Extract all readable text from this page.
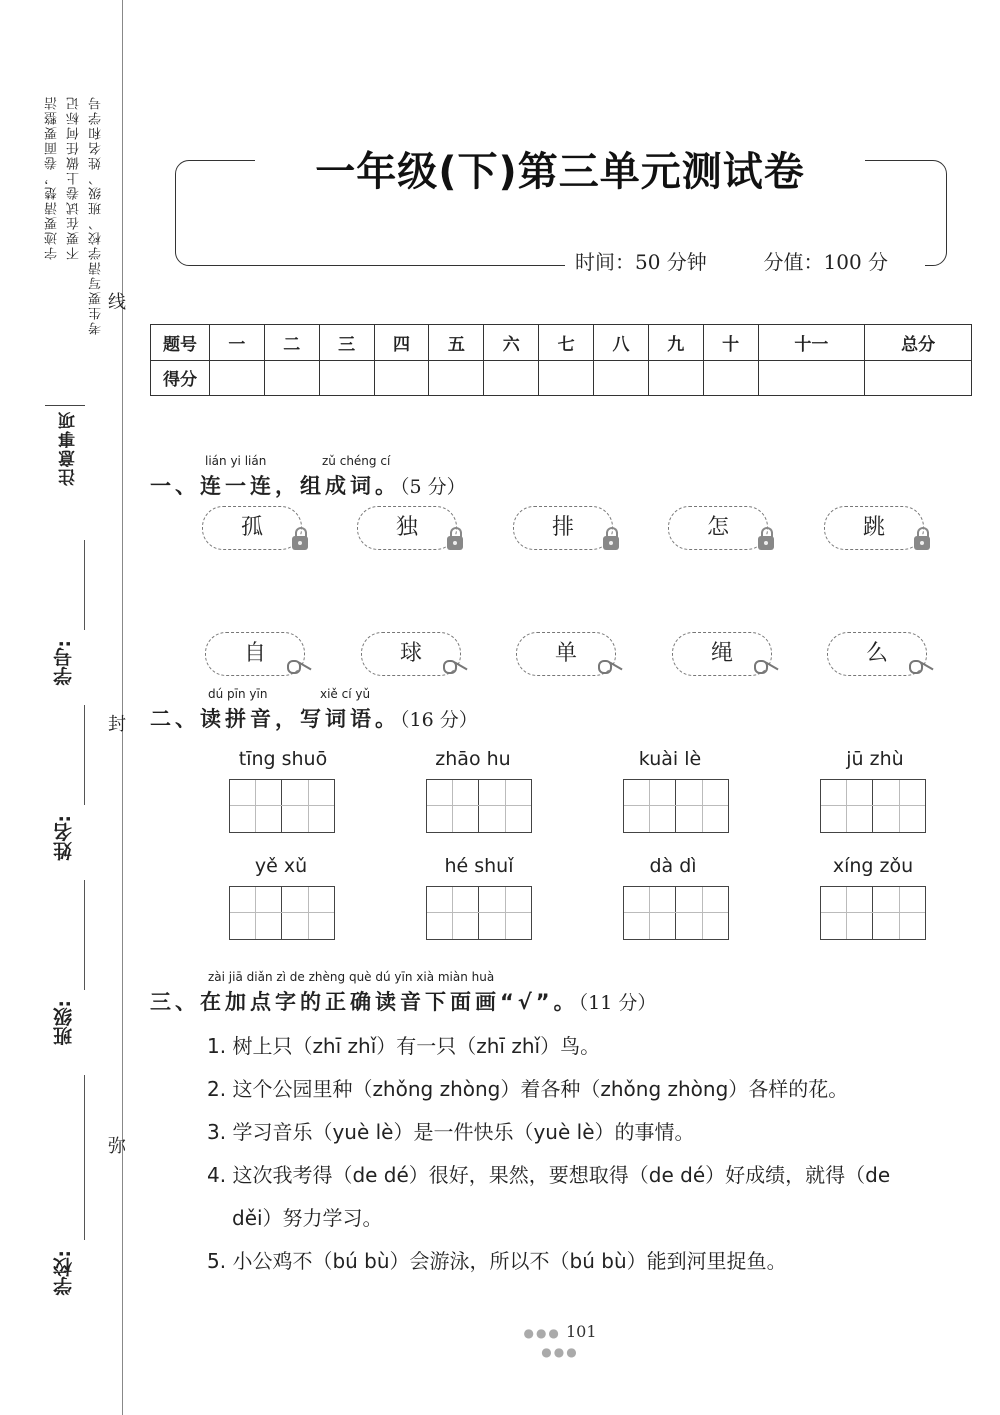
考生要写清学校、班级、姓名和学号
不要在试卷上做任何标记
字迹要清楚，卷面要整洁
注意事项
学号:
姓名:
班级:
学校:
线
封
弥
一年级(下)第三单元测试卷
时间：50 分钟	分值：100 分
题号	一	二	三	四	五	六	七	八	九	十	十一	总分
得分												
lián yi lián	zǔ chéng cí
一、连一连，组成词。（5 分）
孤	独	排	怎	跳
自	球	单	绳	么
dú pīn yīn	xiě cí yǔ
二、读拼音，写词语。（16 分）
tīng shuō	zhāo hu	kuài lè	jū zhù
yě xǔ	hé shuǐ	dà dì	xíng zǒu
zài jiā diǎn zì de zhèng què dú yīn xià miàn huà
三、在加点字的正确读音下面画“√”。（11 分）
1. 树上只（zhī zhǐ）有一只（zhī zhǐ）鸟。
2. 这个公园里种（zhǒng zhòng）着各种（zhǒng zhòng）各样的花。
3. 学习音乐（yuè lè）是一件快乐（yuè lè）的事情。
4. 这次我考得（de dé）很好，果然，要想取得（de dé）好成绩，就得（de
děi）努力学习。
5. 小公鸡不（bú bù）会游泳，所以不（bú bù）能到河里捉鱼。
●●● 101 ●●●
